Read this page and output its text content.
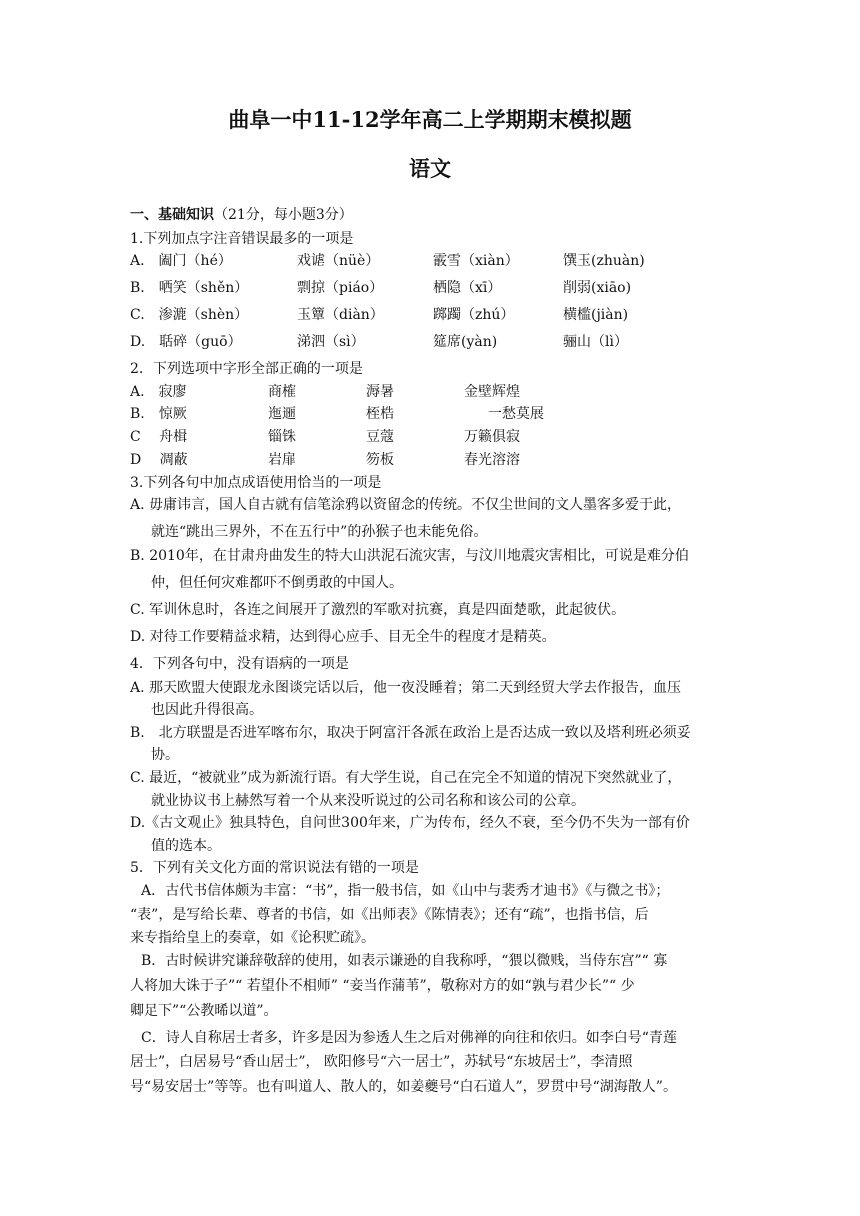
曲阜一中11-12学年高二上学期期末模拟题
语文
一、基础知识（21分，每小题3分）
1.下列加点字注音错误最多的一项是
A.　阖门（hé）	戏谑（nüè）	霰雪（xiàn）	馔玉(zhuàn)
B.　哂笑（shěn）	剽掠（piáo）	栖隐（xī）	削弱(xiāo)
C.　渗漉（shèn）	玉簟（diàn）	踯躅（zhú）	横槛(jiàn)
D.　聒碎（guō）	涕泗（sì）	筵席(yàn)	骊山（lì）
2．下列选项中字形全部正确的一项是
A.　寂廖	商榷	溽暑	金壁辉煌
B.　惊厥	迤逦	桎梏	一愁莫展
C　 舟楫	锱铢	豆蔻	万籁俱寂
D　 凋蔽	岩扉	笏板	春光溶溶
3.下列各句中加点成语使用恰当的一项是
A. 毋庸讳言，国人自古就有信笔涂鸦以资留念的传统。不仅尘世间的文人墨客多爱于此，
就连“跳出三界外，不在五行中”的孙猴子也未能免俗。
B. 2010年，在甘肃舟曲发生的特大山洪泥石流灾害，与汶川地震灾害相比，可说是难分伯
仲，但任何灾难都吓不倒勇敢的中国人。
C. 军训休息时，各连之间展开了激烈的军歌对抗赛，真是四面楚歌，此起彼伏。
D. 对待工作要精益求精，达到得心应手、目无全牛的程度才是精英。
4．下列各句中，没有语病的一项是
A. 那天欧盟大使跟龙永图谈完话以后，他一夜没睡着；第二天到经贸大学去作报告，血压
也因此升得很高。
B.　北方联盟是否进军喀布尔，取决于阿富汗各派在政治上是否达成一致以及塔利班必须妥
协。
C. 最近，“被就业”成为新流行语。有大学生说，自己在完全不知道的情况下突然就业了，
就业协议书上赫然写着一个从来没听说过的公司名称和该公司的公章。
D.《古文观止》独具特色，自问世300年来，广为传布，经久不衰，至今仍不失为一部有价
值的选本。
5．下列有关文化方面的常识说法有错的一项是
A．古代书信体颇为丰富：“书”，指一般书信，如《山中与裴秀才迪书》《与微之书》；
“表”，是写给长辈、尊者的书信，如《出师表》《陈情表》；还有“疏”，也指书信，后
来专指给皇上的奏章，如《论积贮疏》。
B．古时候讲究谦辞敬辞的使用，如表示谦逊的自我称呼，“猥以微贱，当侍东宫”“ 寡
人将加大诛于子”“ 若望仆不相师” “妾当作蒲苇”，敬称对方的如“孰与君少长”“ 少
卿足下”“公教晞以道”。
C．诗人自称居士者多，许多是因为参透人生之后对佛禅的向往和依归。如李白号“青莲
居士”，白居易号“香山居士”， 欧阳修号“六一居士”，苏轼号“东坡居士”，李清照
号“易安居士”等等。也有叫道人、散人的，如姜夔号“白石道人”，罗贯中号“湖海散人”。
